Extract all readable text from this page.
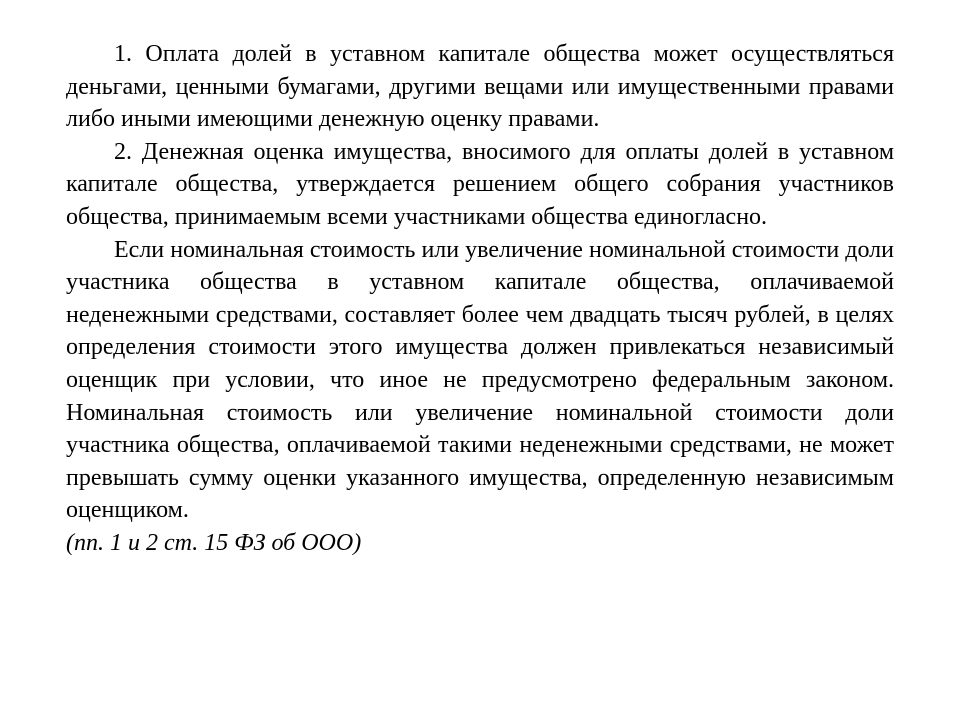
1. Оплата долей в уставном капитале общества может осуществляться деньгами, ценными бумагами, другими вещами или имущественными правами либо иными имеющими денежную оценку правами.

2. Денежная оценка имущества, вносимого для оплаты долей в уставном капитале общества, утверждается решением общего собрания участников общества, принимаемым всеми участниками общества единогласно.

Если номинальная стоимость или увеличение номинальной стоимости доли участника общества в уставном капитале общества, оплачиваемой неденежными средствами, составляет более чем двадцать тысяч рублей, в целях определения стоимости этого имущества должен привлекаться независимый оценщик при условии, что иное не предусмотрено федеральным законом. Номинальная стоимость или увеличение номинальной стоимости доли участника общества, оплачиваемой такими неденежными средствами, не может превышать сумму оценки указанного имущества, определенную независимым оценщиком.

(пп. 1 и 2 ст. 15 ФЗ об ООО)
